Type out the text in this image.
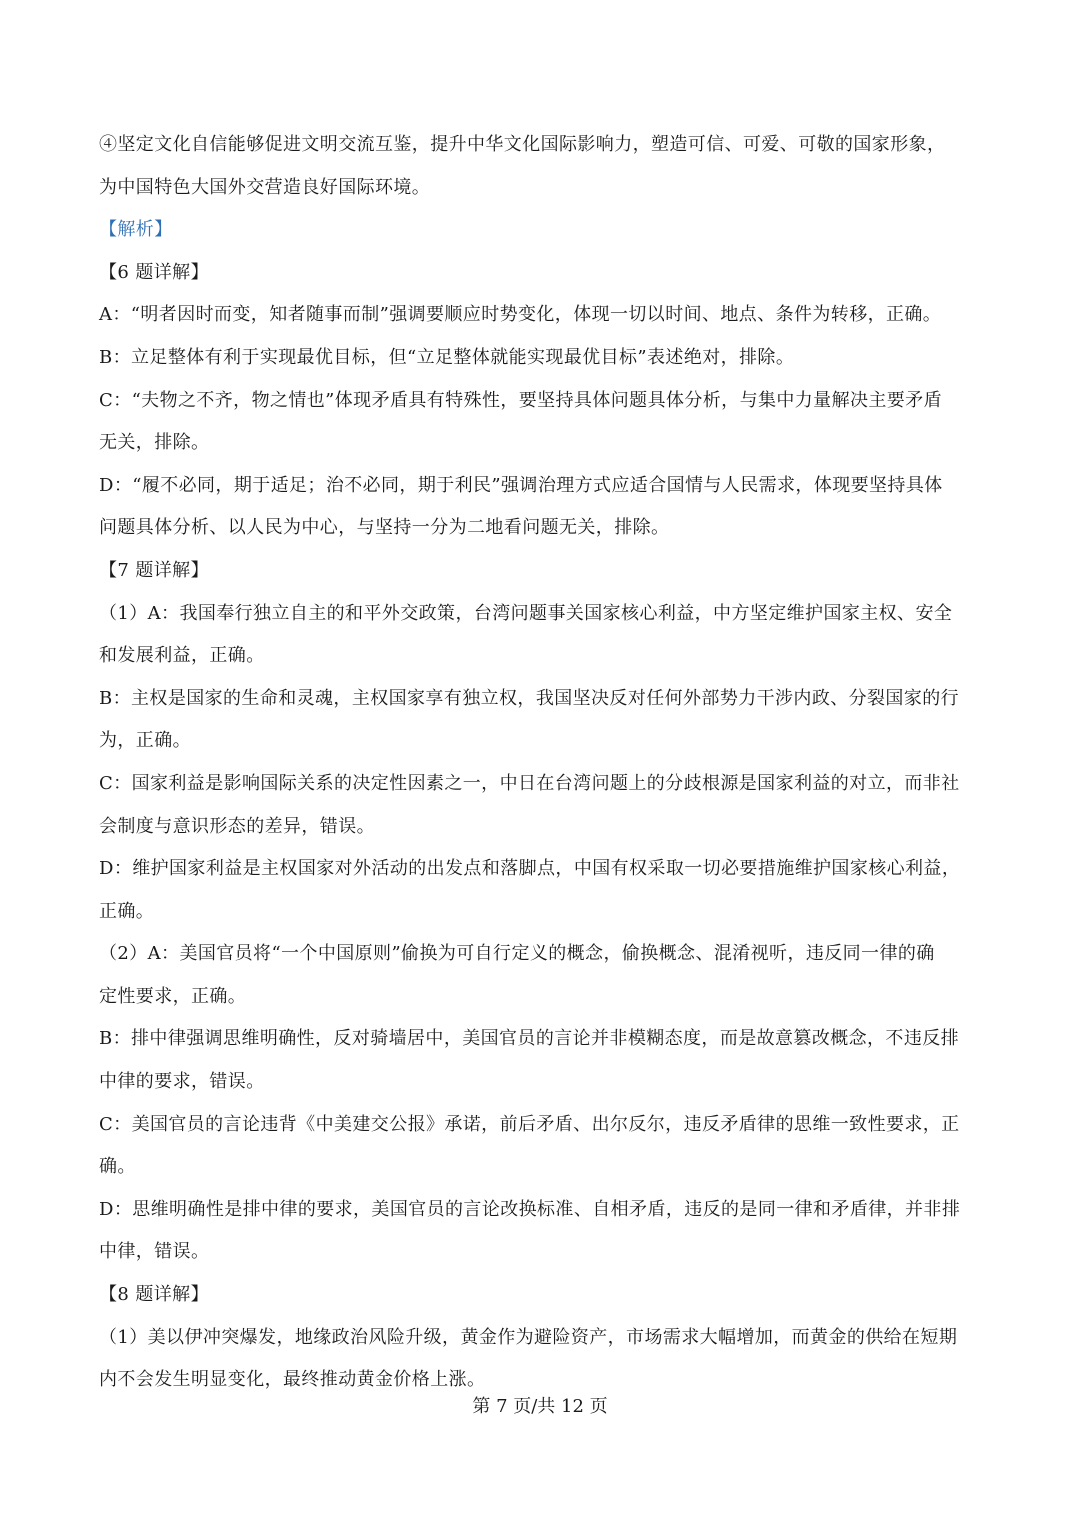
④坚定文化自信能够促进文明交流互鉴，提升中华文化国际影响力，塑造可信、可爱、可敬的国家形象，
为中国特色大国外交营造良好国际环境。
【解析】
【6 题详解】
A：“明者因时而变，知者随事而制”强调要顺应时势变化，体现一切以时间、地点、条件为转移，正确。
B：立足整体有利于实现最优目标，但“立足整体就能实现最优目标”表述绝对，排除。
C：“夫物之不齐，物之情也”体现矛盾具有特殊性，要坚持具体问题具体分析，与集中力量解决主要矛盾
无关，排除。
D：“履不必同，期于适足；治不必同，期于利民”强调治理方式应适合国情与人民需求，体现要坚持具体
问题具体分析、以人民为中心，与坚持一分为二地看问题无关，排除。
【7 题详解】
（1）A：我国奉行独立自主的和平外交政策，台湾问题事关国家核心利益，中方坚定维护国家主权、安全
和发展利益，正确。
B：主权是国家的生命和灵魂，主权国家享有独立权，我国坚决反对任何外部势力干涉内政、分裂国家的行
为，正确。
C：国家利益是影响国际关系的决定性因素之一，中日在台湾问题上的分歧根源是国家利益的对立，而非社
会制度与意识形态的差异，错误。
D：维护国家利益是主权国家对外活动的出发点和落脚点，中国有权采取一切必要措施维护国家核心利益，
正确。
（2）A：美国官员将“一个中国原则”偷换为可自行定义的概念，偷换概念、混淆视听，违反同一律的确
定性要求，正确。
B：排中律强调思维明确性，反对骑墙居中，美国官员的言论并非模糊态度，而是故意篡改概念，不违反排
中律的要求，错误。
C：美国官员的言论违背《中美建交公报》承诺，前后矛盾、出尔反尔，违反矛盾律的思维一致性要求，正
确。
D：思维明确性是排中律的要求，美国官员的言论改换标准、自相矛盾，违反的是同一律和矛盾律，并非排
中律，错误。
【8 题详解】
（1）美以伊冲突爆发，地缘政治风险升级，黄金作为避险资产，市场需求大幅增加，而黄金的供给在短期
内不会发生明显变化，最终推动黄金价格上涨。
第 7 页/共 12 页
